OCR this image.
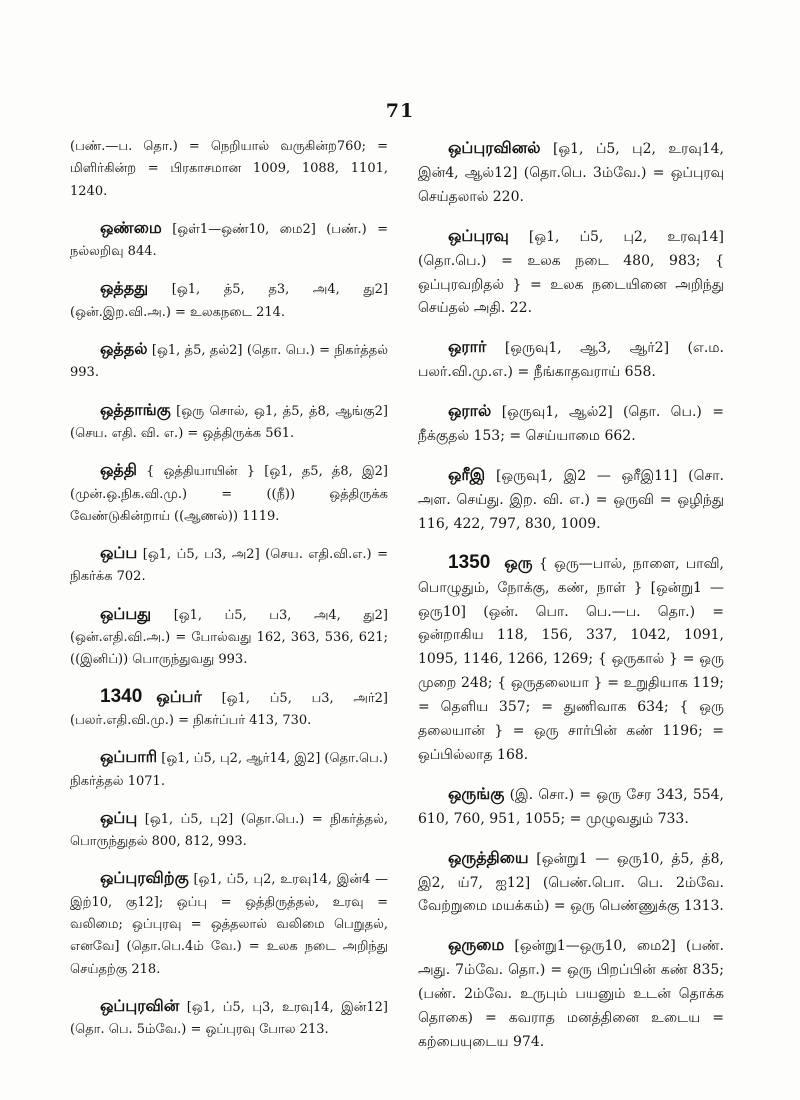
71
(பண்.—ப. தொ.) = நெறியால் வருகின்ற760; = மிளிர்கின்ற = பிரகாசமான 1009, 1088, 1101, 1240.
ஒண்மை [ஒள்1—ஒண்10, மை2] (பண்.) = நல்லறிவு 844.
ஒத்தது [ஒ1, த்5, த3, அ4, து2] (ஒன்.இற.வி.அ.) = உலகநடை 214.
ஒத்தல் [ஒ1, த்5, தல்2] (தொ. பெ.) = நிகர்த்தல் 993.
ஒத்தாங்கு [ஒரு சொல், ஒ1, த்5, த்8, ஆங்கு2] (செய. எதி. வி. எ.) = ஒத்திருக்க 561.
ஒத்தி { ஒத்தியாயின் } [ஒ1, த5, த்8, இ2] (முன்.ஒ.நிக.வி.மு.) = ((நீ)) ஒத்திருக்க வேண்டுகின்றாய் ((ஆணல்)) 1119.
ஒப்ப [ஒ1, ப்5, ப3, அ2] (செய. எதி.வி.எ.) = நிகர்க்க 702.
ஒப்பது [ஒ1, ப்5, ப3, அ4, து2] (ஒன்.எதி.வி.அ.) = போல்வது 162, 363, 536, 621; ((இனிப்)) பொருந்துவது 993.
1340 ஒப்பர் [ஒ1, ப்5, ப3, அர்2] (பலர்.எதி.வி.மு.) = நிகர்ப்பர் 413, 730.
ஒப்பாரி [ஒ1, ப்5, பு2, ஆர்14, இ2] (தொ.பெ.) நிகர்த்தல் 1071.
ஒப்பு [ஒ1, ப்5, பு2] (தொ.பெ.) = நிகர்த்தல், பொருந்துதல் 800, 812, 993.
ஒப்புரவிற்கு [ஒ1, ப்5, பு2, உரவு14, இன்4 — இற்10, கு12]; ஒப்பு = ஒத்திருத்தல், உரவு = வலிமை; ஒப்புரவு = ஒத்தலால் வலிமை பெறுதல், எனவே] (தொ.பெ.4ம் வே.) = உலக நடை அறிந்து செய்தற்கு 218.
ஒப்புரவின் [ஒ1, ப்5, பு3, உரவு14, இன்12] (தொ. பெ. 5ம்வே.) = ஒப்புரவு போல 213.
ஒப்புரவினல் [ஒ1, ப்5, பு2, உரவு14, இன்4, ஆல்12] (தொ.பெ. 3ம்வே.) = ஒப்புரவு செய்தலால் 220.
ஒப்புரவு [ஒ1, ப்5, பு2, உரவு14] (தொ.பெ.) = உலக நடை 480, 983; { ஒப்புரவறிதல் } = உலக நடையினை அறிந்து செய்தல் அதி. 22.
ஒரார் [ஒருவு1, ஆ3, ஆர்2] (எ.ம. பலர்.வி.மு.எ.) = நீங்காதவராய் 658.
ஒரால் [ஒருவு1, ஆல்2] (தொ. பெ.) = நீக்குதல் 153; = செய்யாமை 662.
ஒரீஇ [ஒருவு1, இ2 — ஒரீஇ11] (சொ. அள. செய்து. இற. வி. எ.) = ஒருவி = ஒழிந்து 116, 422, 797, 830, 1009.
1350 ஒரு { ஒரு—பால், நாளை, பாவி, பொழுதும், நோக்கு, கண், நாள் } [ஒன்று1 — ஒரு10] (ஒன். பொ. பெ.—ப. தொ.) = ஒன்றாகிய 118, 156, 337, 1042, 1091, 1095, 1146, 1266, 1269; { ஒருகால் } = ஒரு முறை 248; { ஒருதலையா } = உறுதியாக 119; = தெளிய 357; = துணிவாக 634; { ஒரு தலையான் } = ஒரு சார்பின் கண் 1196; = ஒப்பில்லாத 168.
ஒருங்கு (இ. சொ.) = ஒரு சேர 343, 554, 610, 760, 951, 1055; = முழுவதும் 733.
ஒருத்தியை [ஒன்று1 — ஒரு10, த்5, த்8, இ2, ய்7, ஐ12] (பெண்.பொ. பெ. 2ம்வே. வேற்றுமை மயக்கம்) = ஒரு பெண்ணுக்கு 1313.
ஒருமை [ஒன்று1—ஒரு10, மை2] (பண். அது. 7ம்வே. தொ.) = ஒரு பிறப்பின் கண் 835; (பண். 2ம்வே. உருபும் பயனும் உடன் தொக்க தொகை) = கவராத மனத்தினை உடைய = கற்பையுடைய 974.
